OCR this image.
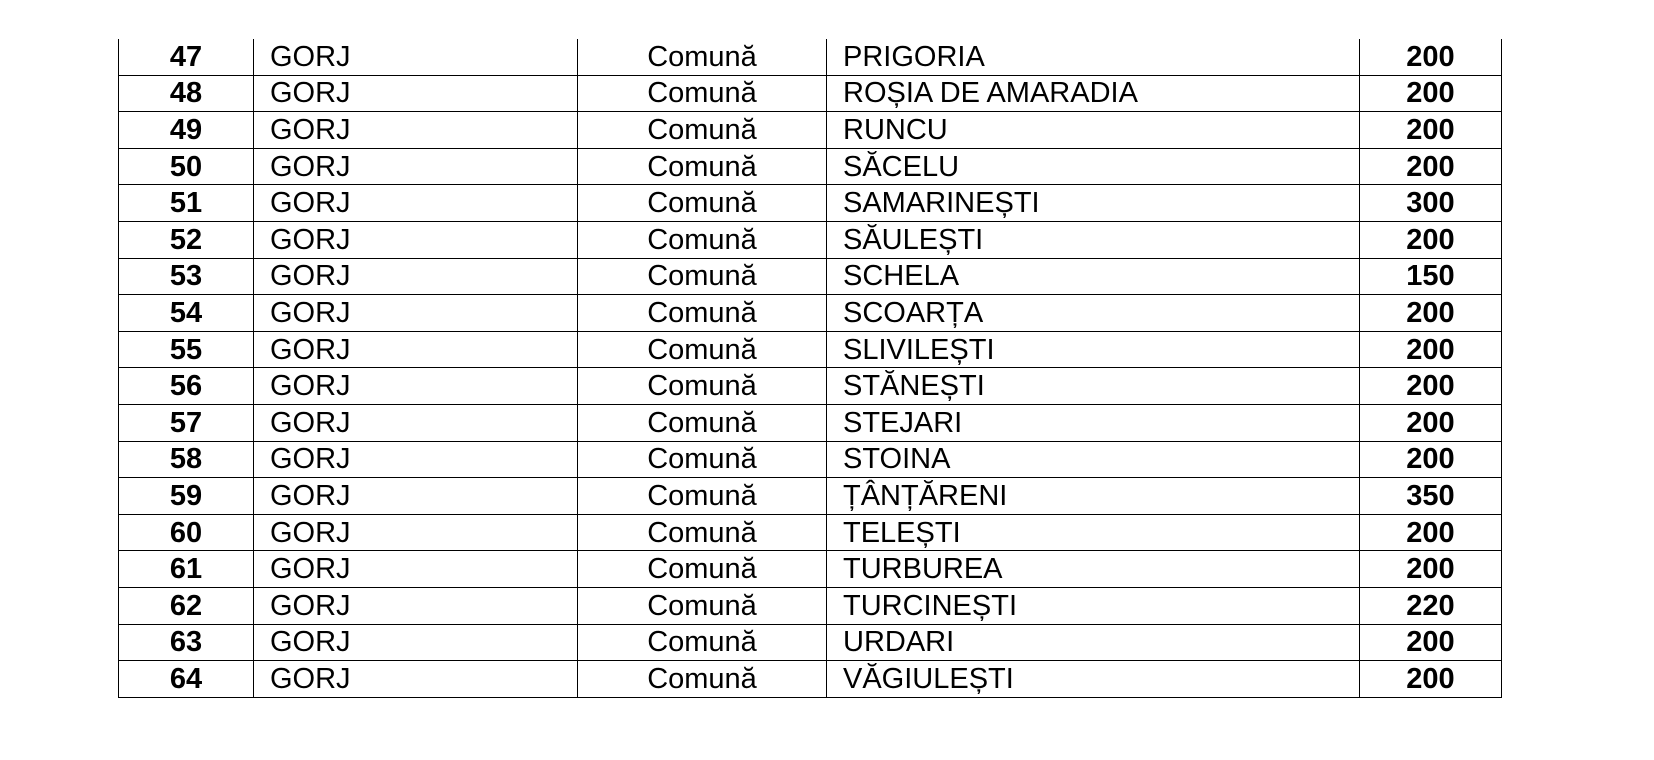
47	GORJ	Comună	PRIGORIA	200
48	GORJ	Comună	ROȘIA DE AMARADIA	200
49	GORJ	Comună	RUNCU	200
50	GORJ	Comună	SĂCELU	200
51	GORJ	Comună	SAMARINEȘTI	300
52	GORJ	Comună	SĂULEȘTI	200
53	GORJ	Comună	SCHELA	150
54	GORJ	Comună	SCOARȚA	200
55	GORJ	Comună	SLIVILEȘTI	200
56	GORJ	Comună	STĂNEȘTI	200
57	GORJ	Comună	STEJARI	200
58	GORJ	Comună	STOINA	200
59	GORJ	Comună	ȚÂNȚĂRENI	350
60	GORJ	Comună	TELEȘTI	200
61	GORJ	Comună	TURBUREA	200
62	GORJ	Comună	TURCINEȘTI	220
63	GORJ	Comună	URDARI	200
64	GORJ	Comună	VĂGIULEȘTI	200
